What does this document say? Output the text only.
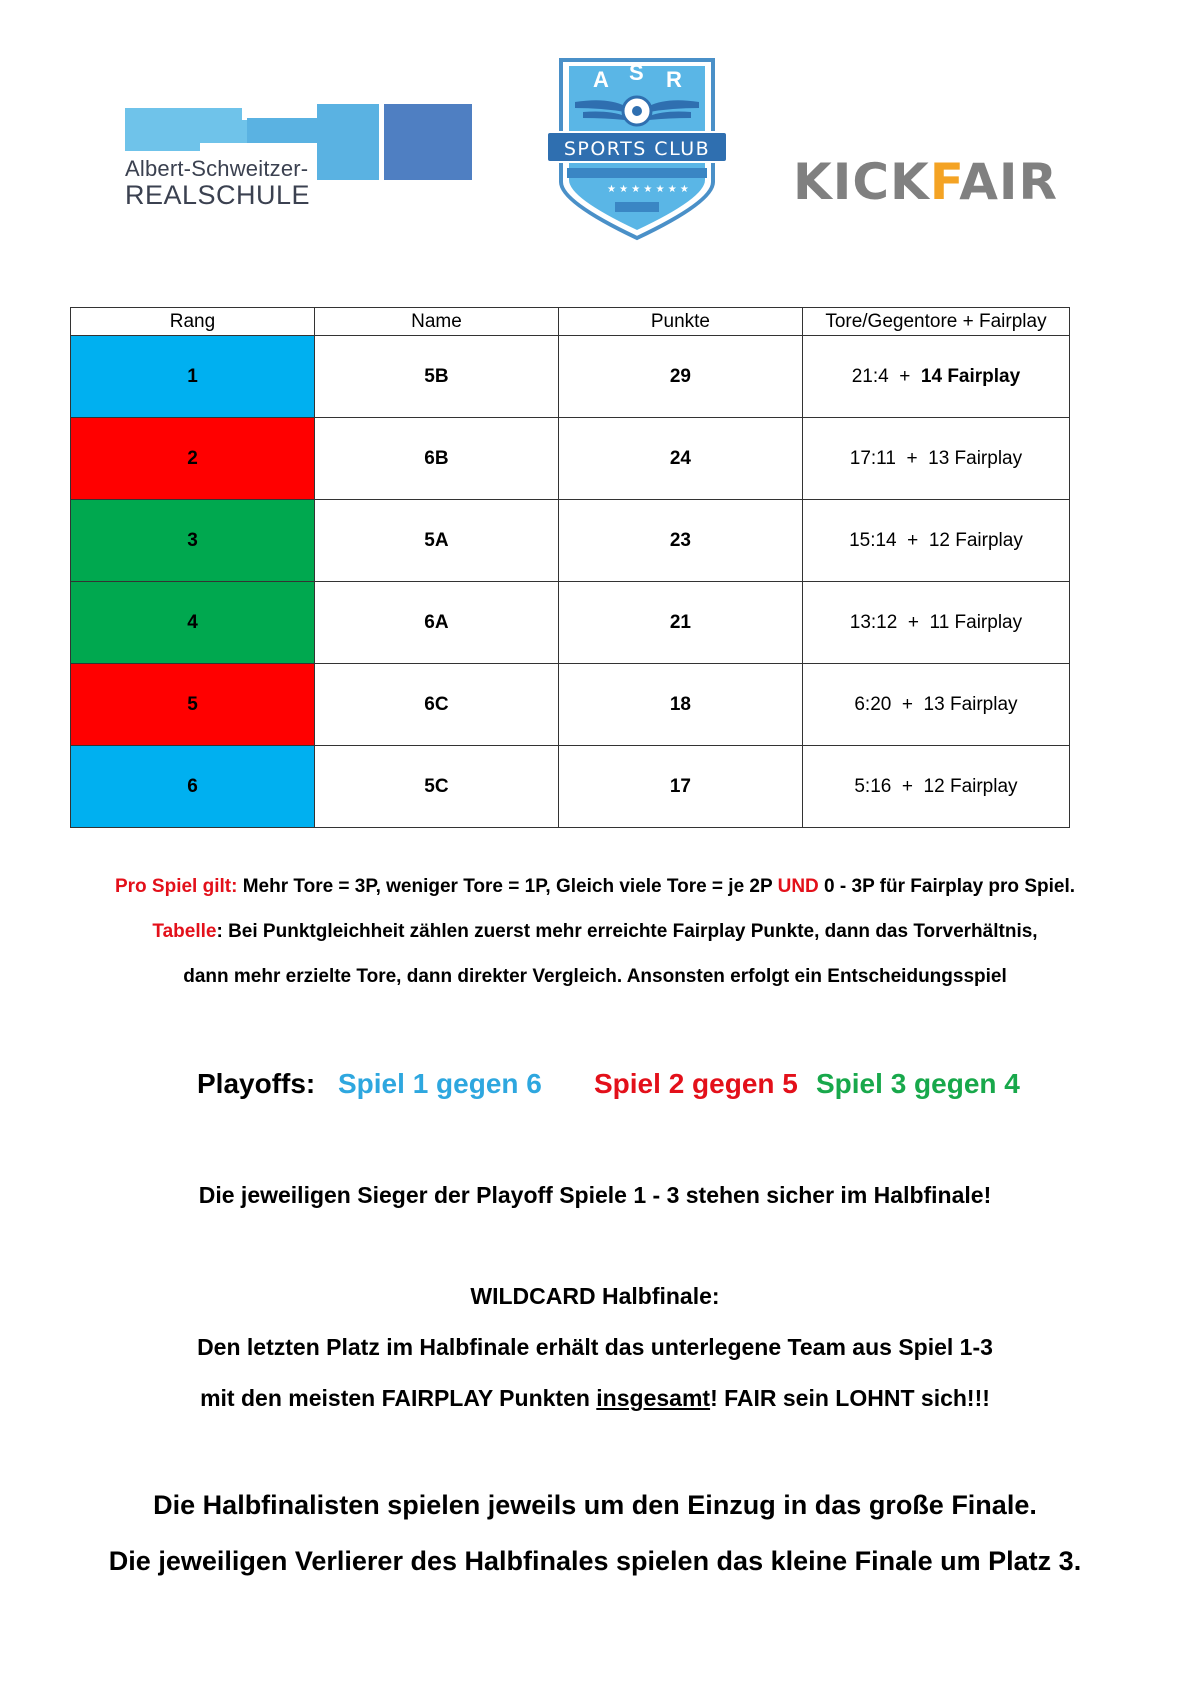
Albert-Schweitzer-
REALSCHULE	★ ★ ★ ★ ★ ★ ★
A S R
SPORTS CLUB
KICKFAIR
Rang	Name	Punkte	Tore/Gegentore + Fairplay
1	5B	29	21:4  +  14 Fairplay
2	6B	24	17:11  +  13 Fairplay
3	5A	23	15:14  +  12 Fairplay
4	6A	21	13:12  +  11 Fairplay
5	6C	18	6:20  +  13 Fairplay
6	5C	17	5:16  +  12 Fairplay
Pro Spiel gilt: Mehr Tore = 3P, weniger Tore = 1P, Gleich viele Tore = je 2P UND 0 - 3P für Fairplay pro Spiel.
Tabelle: Bei Punktgleichheit zählen zuerst mehr erreichte Fairplay Punkte, dann das Torverhältnis,
dann mehr erzielte Tore, dann direkter Vergleich. Ansonsten erfolgt ein Entscheidungsspiel
Playoffs: Spiel 1 gegen 6 Spiel 2 gegen 5 Spiel 3 gegen 4
Die jeweiligen Sieger der Playoff Spiele 1 - 3 stehen sicher im Halbfinale!
WILDCARD Halbfinale:
Den letzten Platz im Halbfinale erhält das unterlegene Team aus Spiel 1-3
mit den meisten FAIRPLAY Punkten insgesamt! FAIR sein LOHNT sich!!!
Die Halbfinalisten spielen jeweils um den Einzug in das große Finale.
Die jeweiligen Verlierer des Halbfinales spielen das kleine Finale um Platz 3.
